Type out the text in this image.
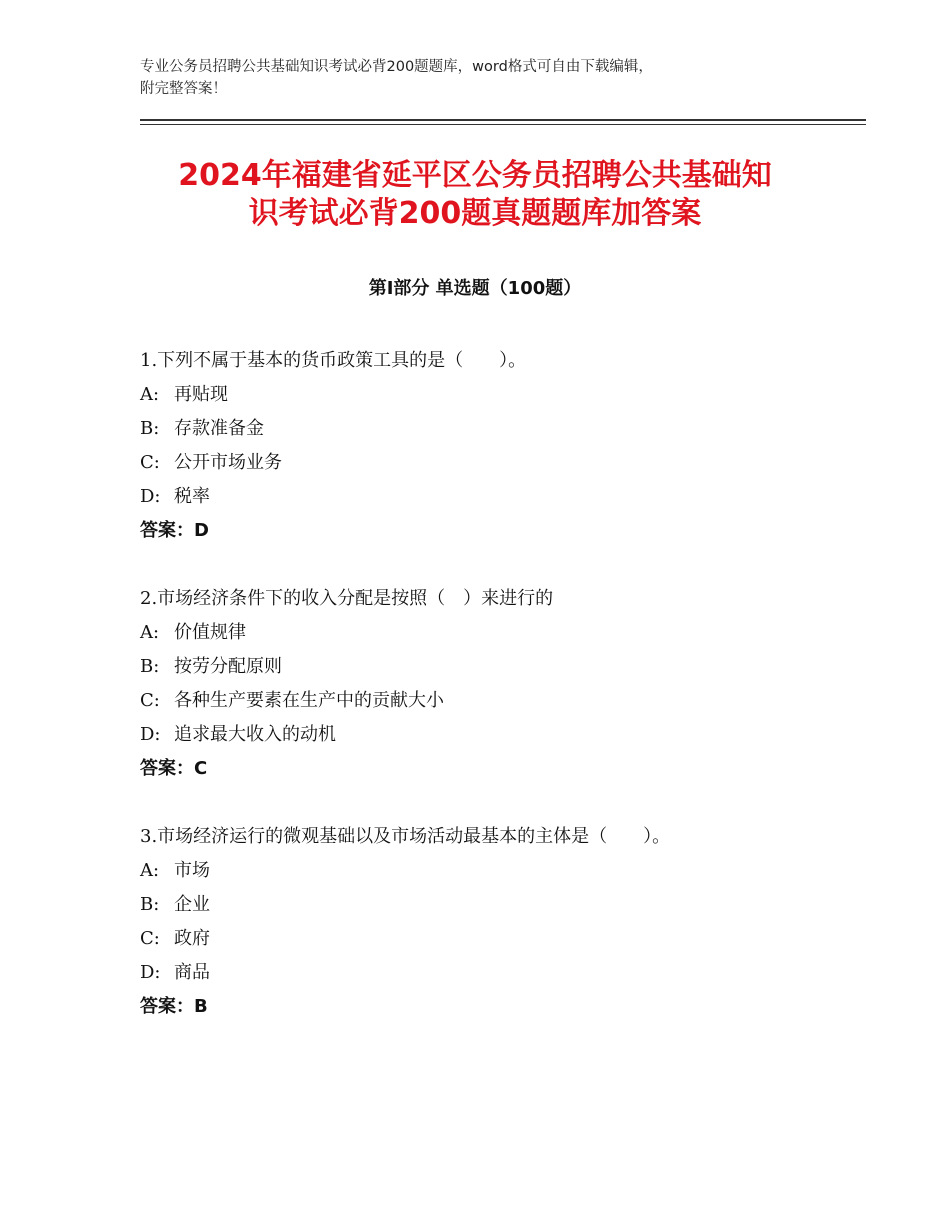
专业公务员招聘公共基础知识考试必背200题题库，word格式可自由下载编辑，
附完整答案！
2024年福建省延平区公务员招聘公共基础知
识考试必背200题真题题库加答案
第Ⅰ部分 单选题（100题）
1.下列不属于基本的货币政策工具的是（　　）。
A: 再贴现
B: 存款准备金
C: 公开市场业务
D: 税率
答案：D
2.市场经济条件下的收入分配是按照（　）来进行的
A: 价值规律
B: 按劳分配原则
C: 各种生产要素在生产中的贡献大小
D: 追求最大收入的动机
答案：C
3.市场经济运行的微观基础以及市场活动最基本的主体是（　　）。
A: 市场
B: 企业
C: 政府
D: 商品
答案：B
